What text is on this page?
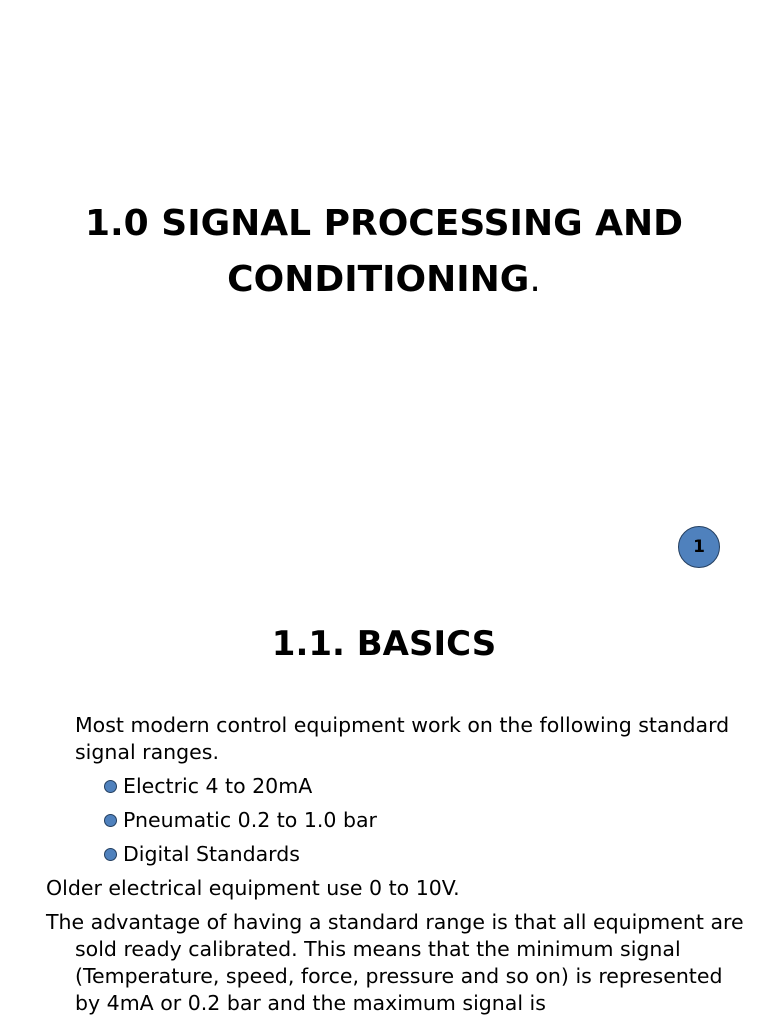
1.0 SIGNAL PROCESSING AND
CONDITIONING.
1
1.1. BASICS
Most modern control equipment work on the following standard signal ranges.
Electric 4 to 20mA
Pneumatic 0.2 to 1.0 bar
Digital Standards
Older electrical equipment use 0 to 10V.
The advantage of having a standard range is that all equipment are sold ready calibrated. This means that the minimum signal (Temperature, speed, force, pressure and so on) is represented by 4mA or 0.2 bar and the maximum signal is
